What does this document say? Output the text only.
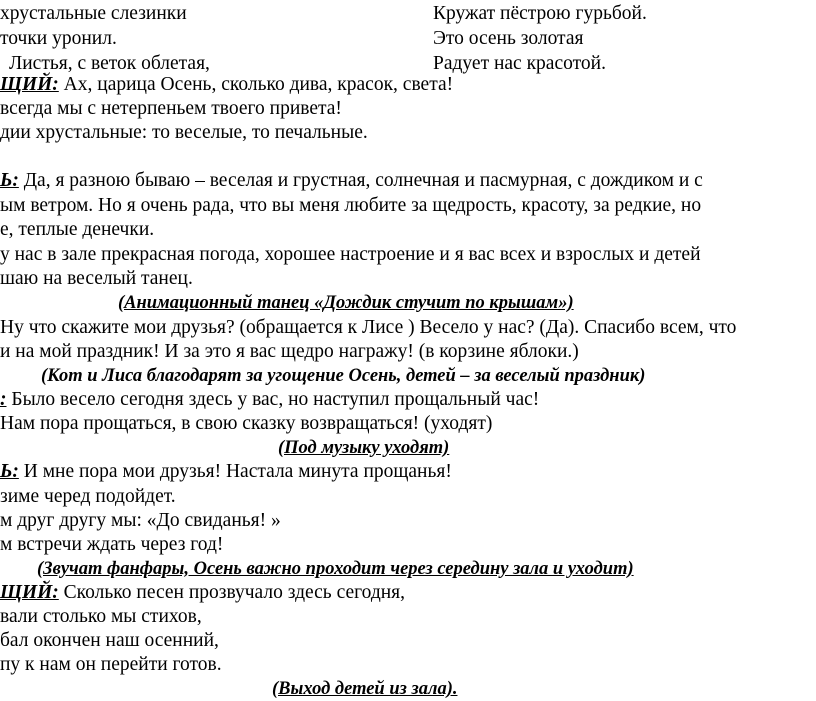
хрустальные слезинки	Кружат пёстрою гурьбой.
точки уронил.	Это осень золотая
Листья, с веток облетая,	Радует нас красотой.
ЩИЙ: Ах, царица Осень, сколько дива, красок, света!
всегда мы с нетерпеньем твоего привета!
дии хрустальные: то веселые, то печальные.
Ь: Да, я разною бываю – веселая и грустная, солнечная и пасмурная, с дождиком и с
ым ветром. Но я очень рада, что вы меня любите за щедрость, красоту, за редкие, но
е, теплые денечки.
у нас в зале прекрасная погода, хорошее настроение и я вас всех и взрослых и детей
шаю на веселый танец.
(Анимационный танец «Дождик стучит по крышам»)
Ну что скажите мои друзья? (обращается к Лисе ) Весело у нас? (Да). Спасибо всем, что
и на мой праздник! И за это я вас щедро награжу! (в корзине яблоки.)
(Кот и Лиса благодарят за угощение Осень, детей – за веселый праздник)
: Было весело сегодня здесь у вас, но наступил прощальный час!
Нам пора прощаться, в свою сказку возвращаться! (уходят)
(Под музыку уходят)
Ь: И мне пора мои друзья! Настала минута прощанья!
зиме черед подойдет.
м друг другу мы: «До свиданья! »
м встречи ждать через год!
(Звучат фанфары, Осень важно проходит через середину зала и уходит)
ЩИЙ: Сколько песен прозвучало здесь сегодня,
вали столько мы стихов,
бал окончен наш осенний,
пу к нам он перейти готов.
(Выход детей из зала).
